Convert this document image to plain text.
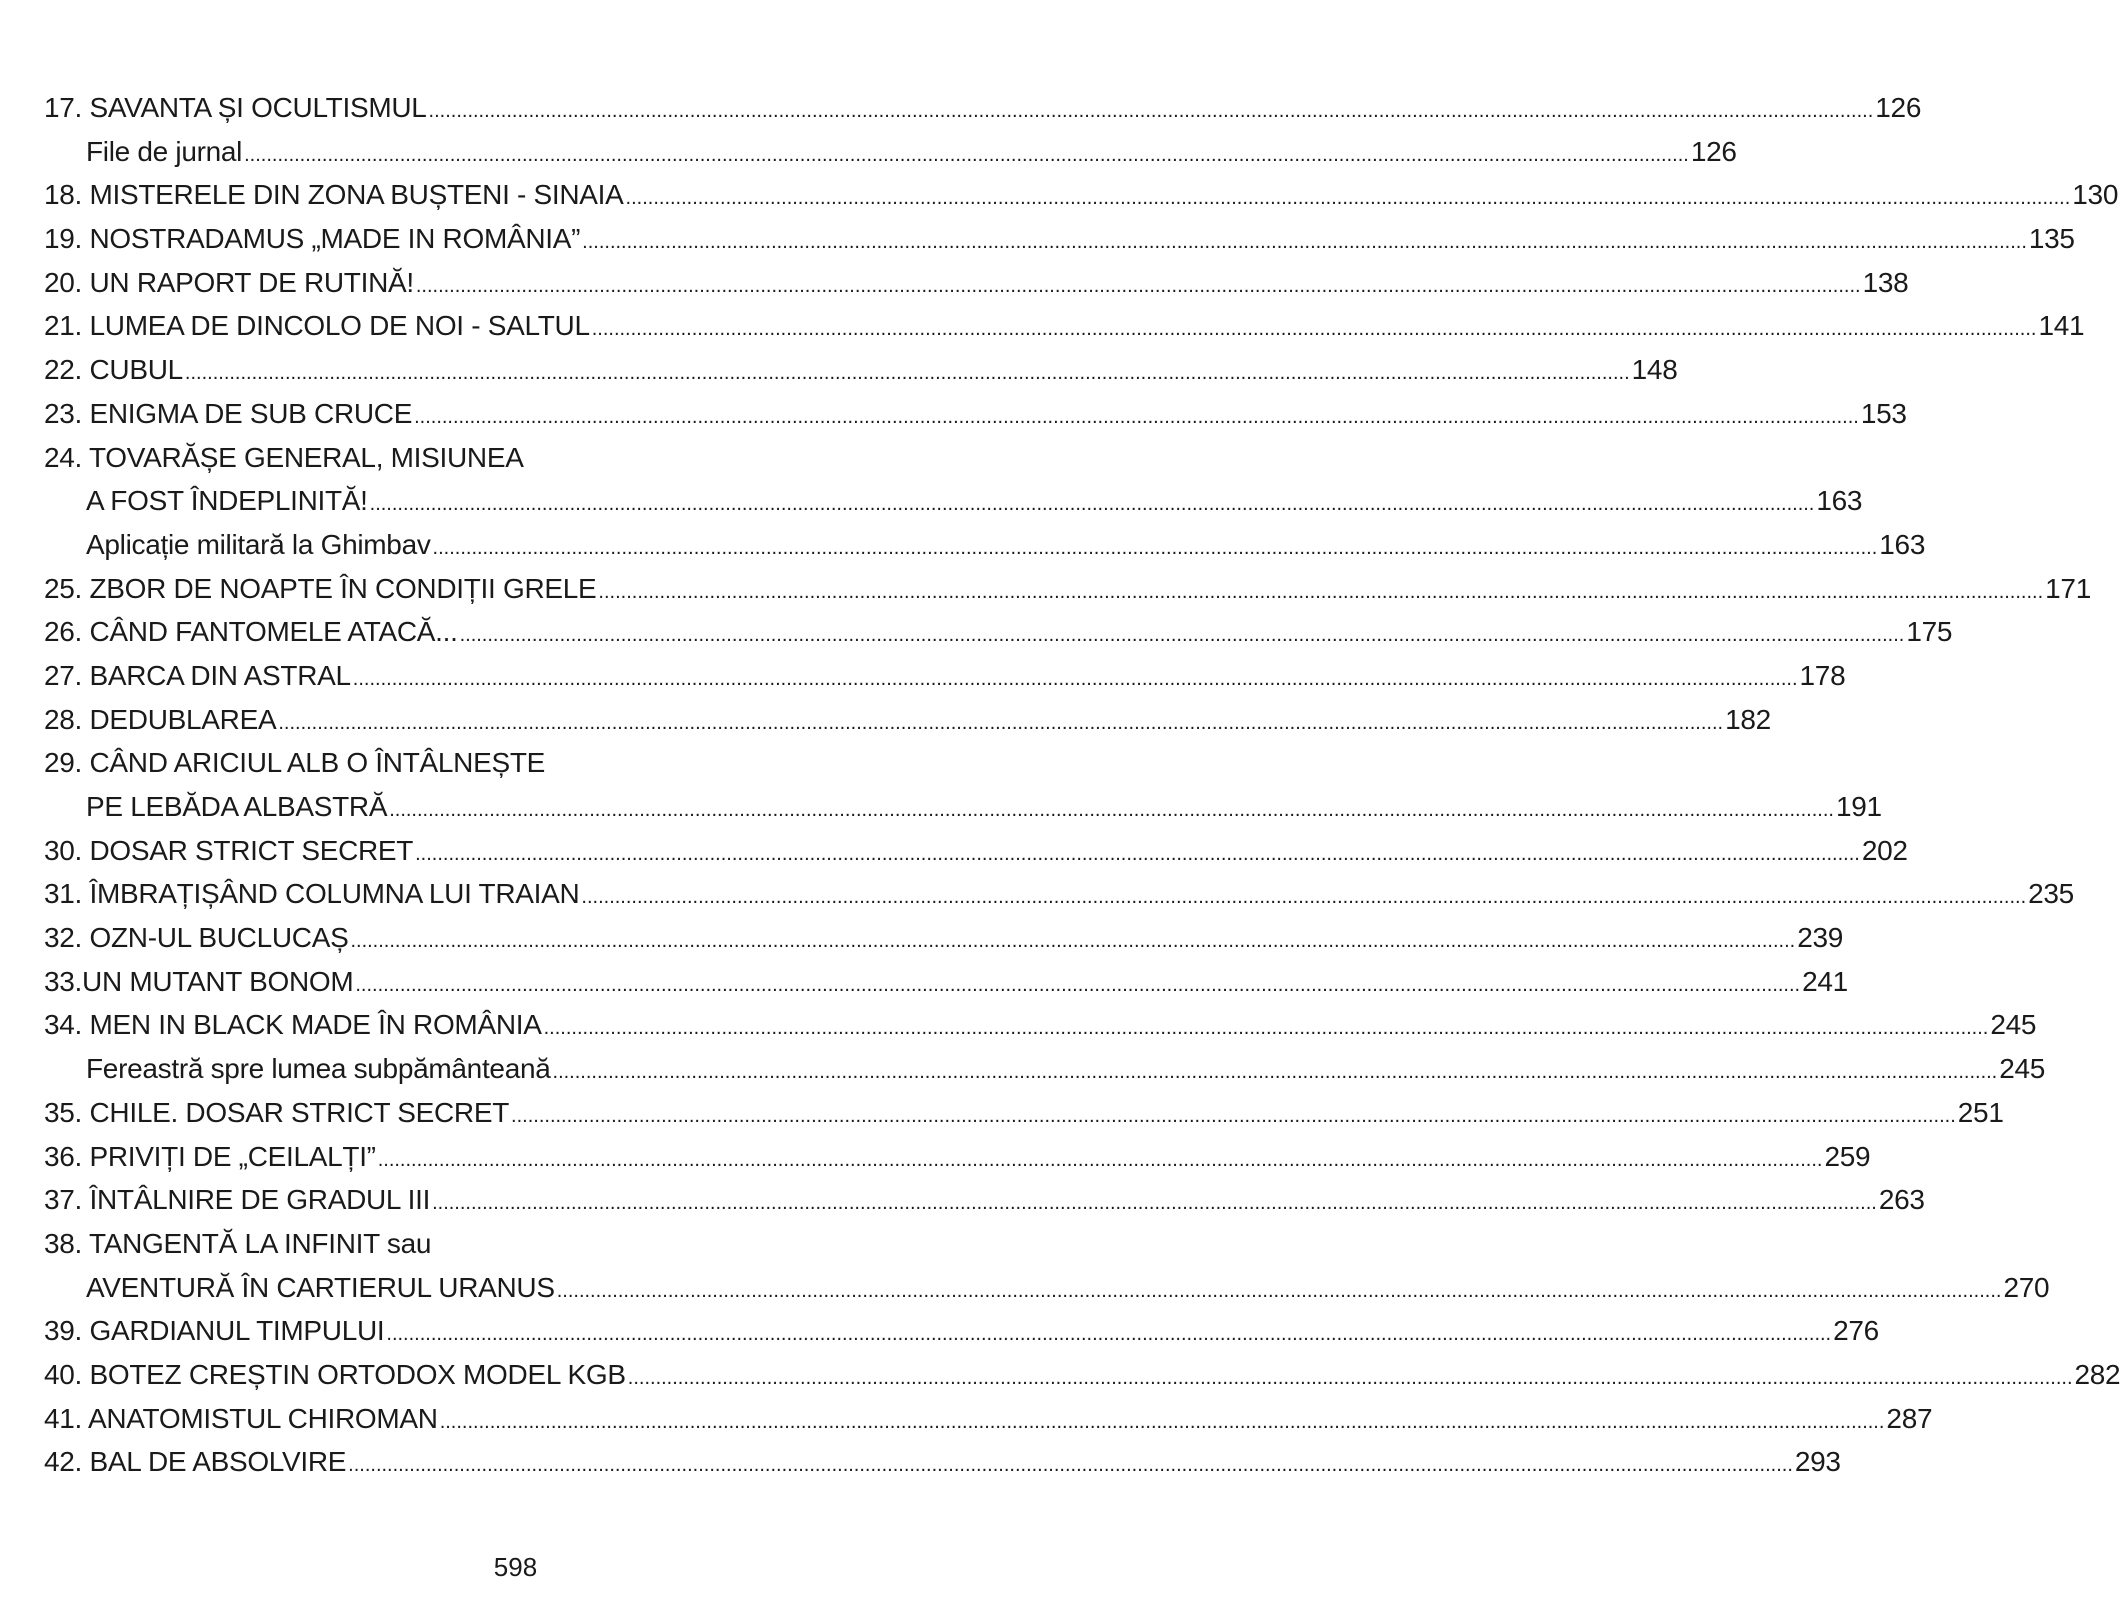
17. SAVANTA ȘI OCULTISMUL .....	126
File de jurnal .....	126
18. MISTERELE DIN ZONA BUȘTENI - SINAIA .....	130
19. NOSTRADAMUS „MADE IN ROMÂNIA” .....	135
20. UN RAPORT DE RUTINĂ! .....	138
21. LUMEA DE DINCOLO DE NOI - SALTUL .....	141
22. CUBUL .....	148
23. ENIGMA DE SUB CRUCE .....	153
24. TOVARĂȘE GENERAL, MISIUNEA
A FOST ÎNDEPLINITĂ! .....	163
Aplicație militară la Ghimbav .....	163
25. ZBOR DE NOAPTE ÎN CONDIȚII GRELE .....	171
26. CÂND FANTOMELE ATACĂ... .....	175
27. BARCA DIN ASTRAL .....	178
28. DEDUBLAREA .....	182
29. CÂND ARICIUL ALB O ÎNTÂLNEȘTE
PE LEBĂDA ALBASTRĂ .....	191
30. DOSAR STRICT SECRET .....	202
31. ÎMBRAȚIȘÂND COLUMNA LUI TRAIAN .....	235
32. OZN-UL BUCLUCAȘ .....	239
33.UN MUTANT BONOM .....	241
34. MEN IN BLACK MADE ÎN ROMÂNIA .....	245
Fereastră spre lumea subpământeană .....	245
35. CHILE. DOSAR STRICT SECRET .....	251
36. PRIVIȚI DE „CEILALȚI” .....	259
37. ÎNTÂLNIRE DE GRADUL III .....	263
38. TANGENTĂ LA INFINIT sau
AVENTURĂ ÎN CARTIERUL URANUS .....	270
39. GARDIANUL TIMPULUI .....	276
40. BOTEZ CREȘTIN ORTODOX MODEL KGB .....	282
41. ANATOMISTUL CHIROMAN .....	287
42. BAL DE ABSOLVIRE .....	293
598
